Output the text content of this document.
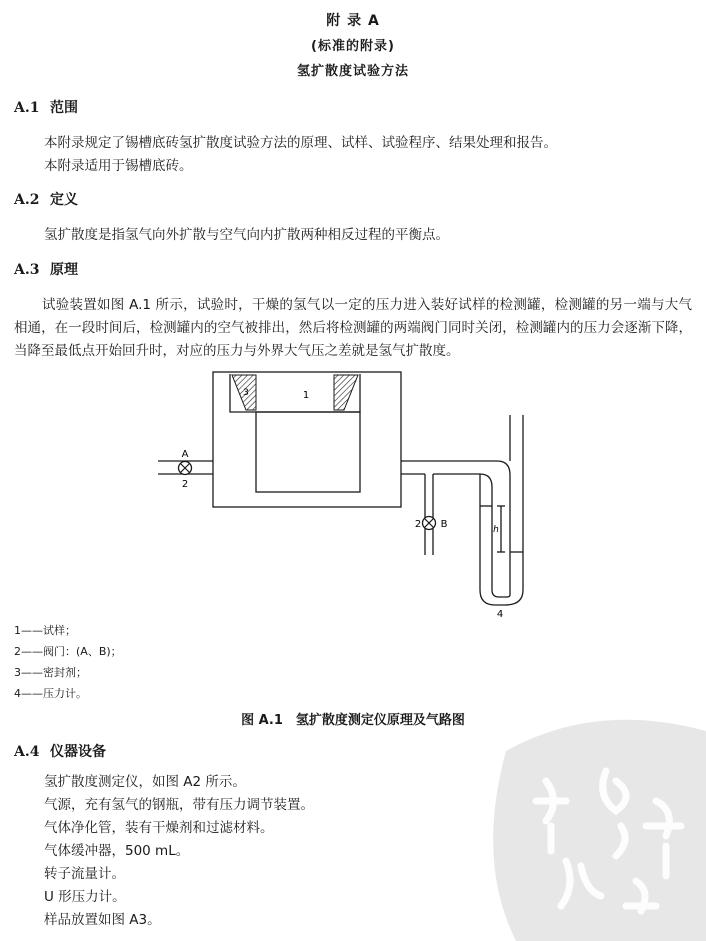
附 录 A
(标准的附录)
氢扩散度试验方法
A.1 范围
本附录规定了锡槽底砖氢扩散度试验方法的原理、试样、试验程序、结果处理和报告。
本附录适用于锡槽底砖。
A.2 定义
氢扩散度是指氢气向外扩散与空气向内扩散两种相反过程的平衡点。
A.3 原理
试验装置如图 A.1 所示，试验时，干燥的氢气以一定的压力进入装好试样的检测罐，检测罐的另一端与大气相通，在一段时间后，检测罐内的空气被排出，然后将检测罐的两端阀门同时关闭，检测罐内的压力会逐渐下降，当降至最低点开始回升时，对应的压力与外界大气压之差就是氢气扩散度。
1
3
A
2
2 B	h
4
1——试样；
2——阀门：(A、B)；
3——密封剂；
4——压力计。
图 A.1　氢扩散度测定仪原理及气路图
A.4 仪器设备
氢扩散度测定仪，如图 A2 所示。
气源，充有氢气的钢瓶，带有压力调节装置。
气体净化管，装有干燥剂和过滤材料。
气体缓冲器，500 mL。
转子流量计。
U 形压力计。
样品放置如图 A3。
